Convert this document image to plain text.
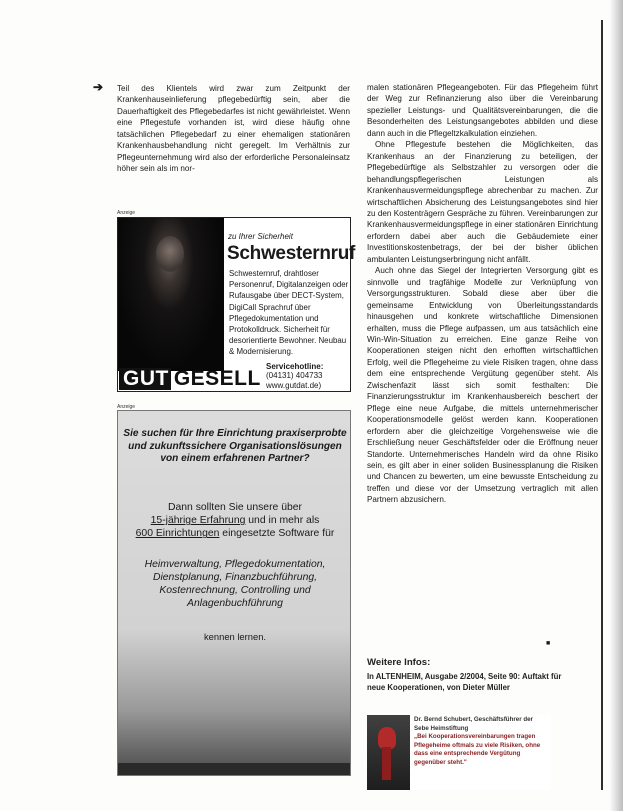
➔ Teil des Klientels wird zwar zum Zeitpunkt der Krankenhauseinlieferung pflegebedürftig sein, aber die Dauerhaftigkeit des Pflegebedarfes ist nicht gewährleistet. Wenn eine Pflegestufe vorhanden ist, wird diese häufig ohne tatsächlichen Pflegebedarf zu einer ehemaligen stationären Krankenhausbehandlung nicht geregelt. Im Verhältnis zur Pflegeunternehmung wird also der erforderliche Personaleinsatz höher sein als im nor-

Anzeige
zu Ihrer Sicherheit
Schwesternruf
Schwesternruf, drahtloser Personenruf, Digitalanzeigen oder Rufausgabe über DECT-System, DigiCall Sprachruf über Pflegedokumentation und Protokolldruck. Sicherheit für desorientierte Bewohner. Neubau & Modernisierung.
GUT GESELL
Servicehotline:
(04131) 404733
www.gutdat.de)
Anzeige
Sie suchen für Ihre Einrichtung praxiserprobte und zukunftssichere Organisationslösungen von einem erfahrenen Partner?
Dann sollten Sie unsere über
15-jährige Erfahrung und in mehr als
600 Einrichtungen eingesetzte Software für
Heimverwaltung, Pflegedokumentation, Dienstplanung, Finanzbuchführung, Kostenrechnung, Controlling und Anlagenbuchführung
kennen lernen.

malen stationären Pflegeangeboten. Für das Pflegeheim führt der Weg zur Refinanzierung also über die Vereinbarung spezieller Leistungs- und Qualitätsvereinbarungen, die die Besonderheiten des Leistungsangebotes abbilden und diese dann auch in die Pflegeltzkalkulation einziehen.

Ohne Pflegestufe bestehen die Möglichkeiten, das Krankenhaus an der Finanzierung zu beteiligen, der Pflegebedürftige als Selbstzahler zu versorgen oder die behandlungspflegerischen Leistungen als Krankenhausvermeidungspflege abrechenbar zu machen. Zur wirtschaftlichen Absicherung des Leistungsangebotes sind hier zu den Kostenträgern Gespräche zu führen. Vereinbarungen zur Krankenhausvermeidungspflege in einer stationären Einrichtung erfordern dabei aber auch die Gebäudemiete einer Investitionskostenbetrags, der bei der bisher üblichen ambulanten Leistungserbringung nicht anfällt.

Auch ohne das Siegel der Integrierten Versorgung gibt es sinnvolle und tragfähige Modelle zur Verknüpfung von Versorgungsstrukturen. Sobald diese aber über die gemeinsame Entwicklung von Überleitungsstandards hinausgehen und konkrete wirtschaftliche Dimensionen erhalten, muss die Pflege aufpassen, um aus tatsächlich eine Win-Win-Situation zu erreichen. Eine ganze Reihe von Kooperationen steigen nicht den erhofften wirtschaftlichen Erfolg, weil die Pflegeheime zu viele Risiken tragen, ohne dass dem eine entsprechende Vergütung gegenüber steht. Als Zwischenfazit lässt sich somit festhalten: Die Finanzierungsstruktur im Krankenhausbereich beschert der Pflege eine neue Aufgabe, die mittels unternehmerischer Kooperationsmodelle gelöst werden kann. Kooperationen erfordern aber die gleichzeitige Vorgehensweise wie die Erschließung neuer Geschäftsfelder oder die Eröffnung neuer Standorte. Unternehmerisches Handeln wird da ohne Risiko sein, es gilt aber in einer soliden Businessplanung die Risiken und Chancen zu bewerten, um eine bewusste Entscheidung zu treffen und diese vor der Umsetzung vertraglich mit allen Partnern abzusichern.

■
Weitere Infos:
In ALTENHEIM, Ausgabe 2/2004, Seite 90: Auftakt für neue Kooperationen, von Dieter Müller
Dr. Bernd Schubert, Geschäftsführer der Sebe Heimstiftung
„Bei Kooperationsvereinbarungen tragen Pflegeheime oftmals zu viele Risiken, ohne dass eine entsprechende Vergütung gegenüber steht."
